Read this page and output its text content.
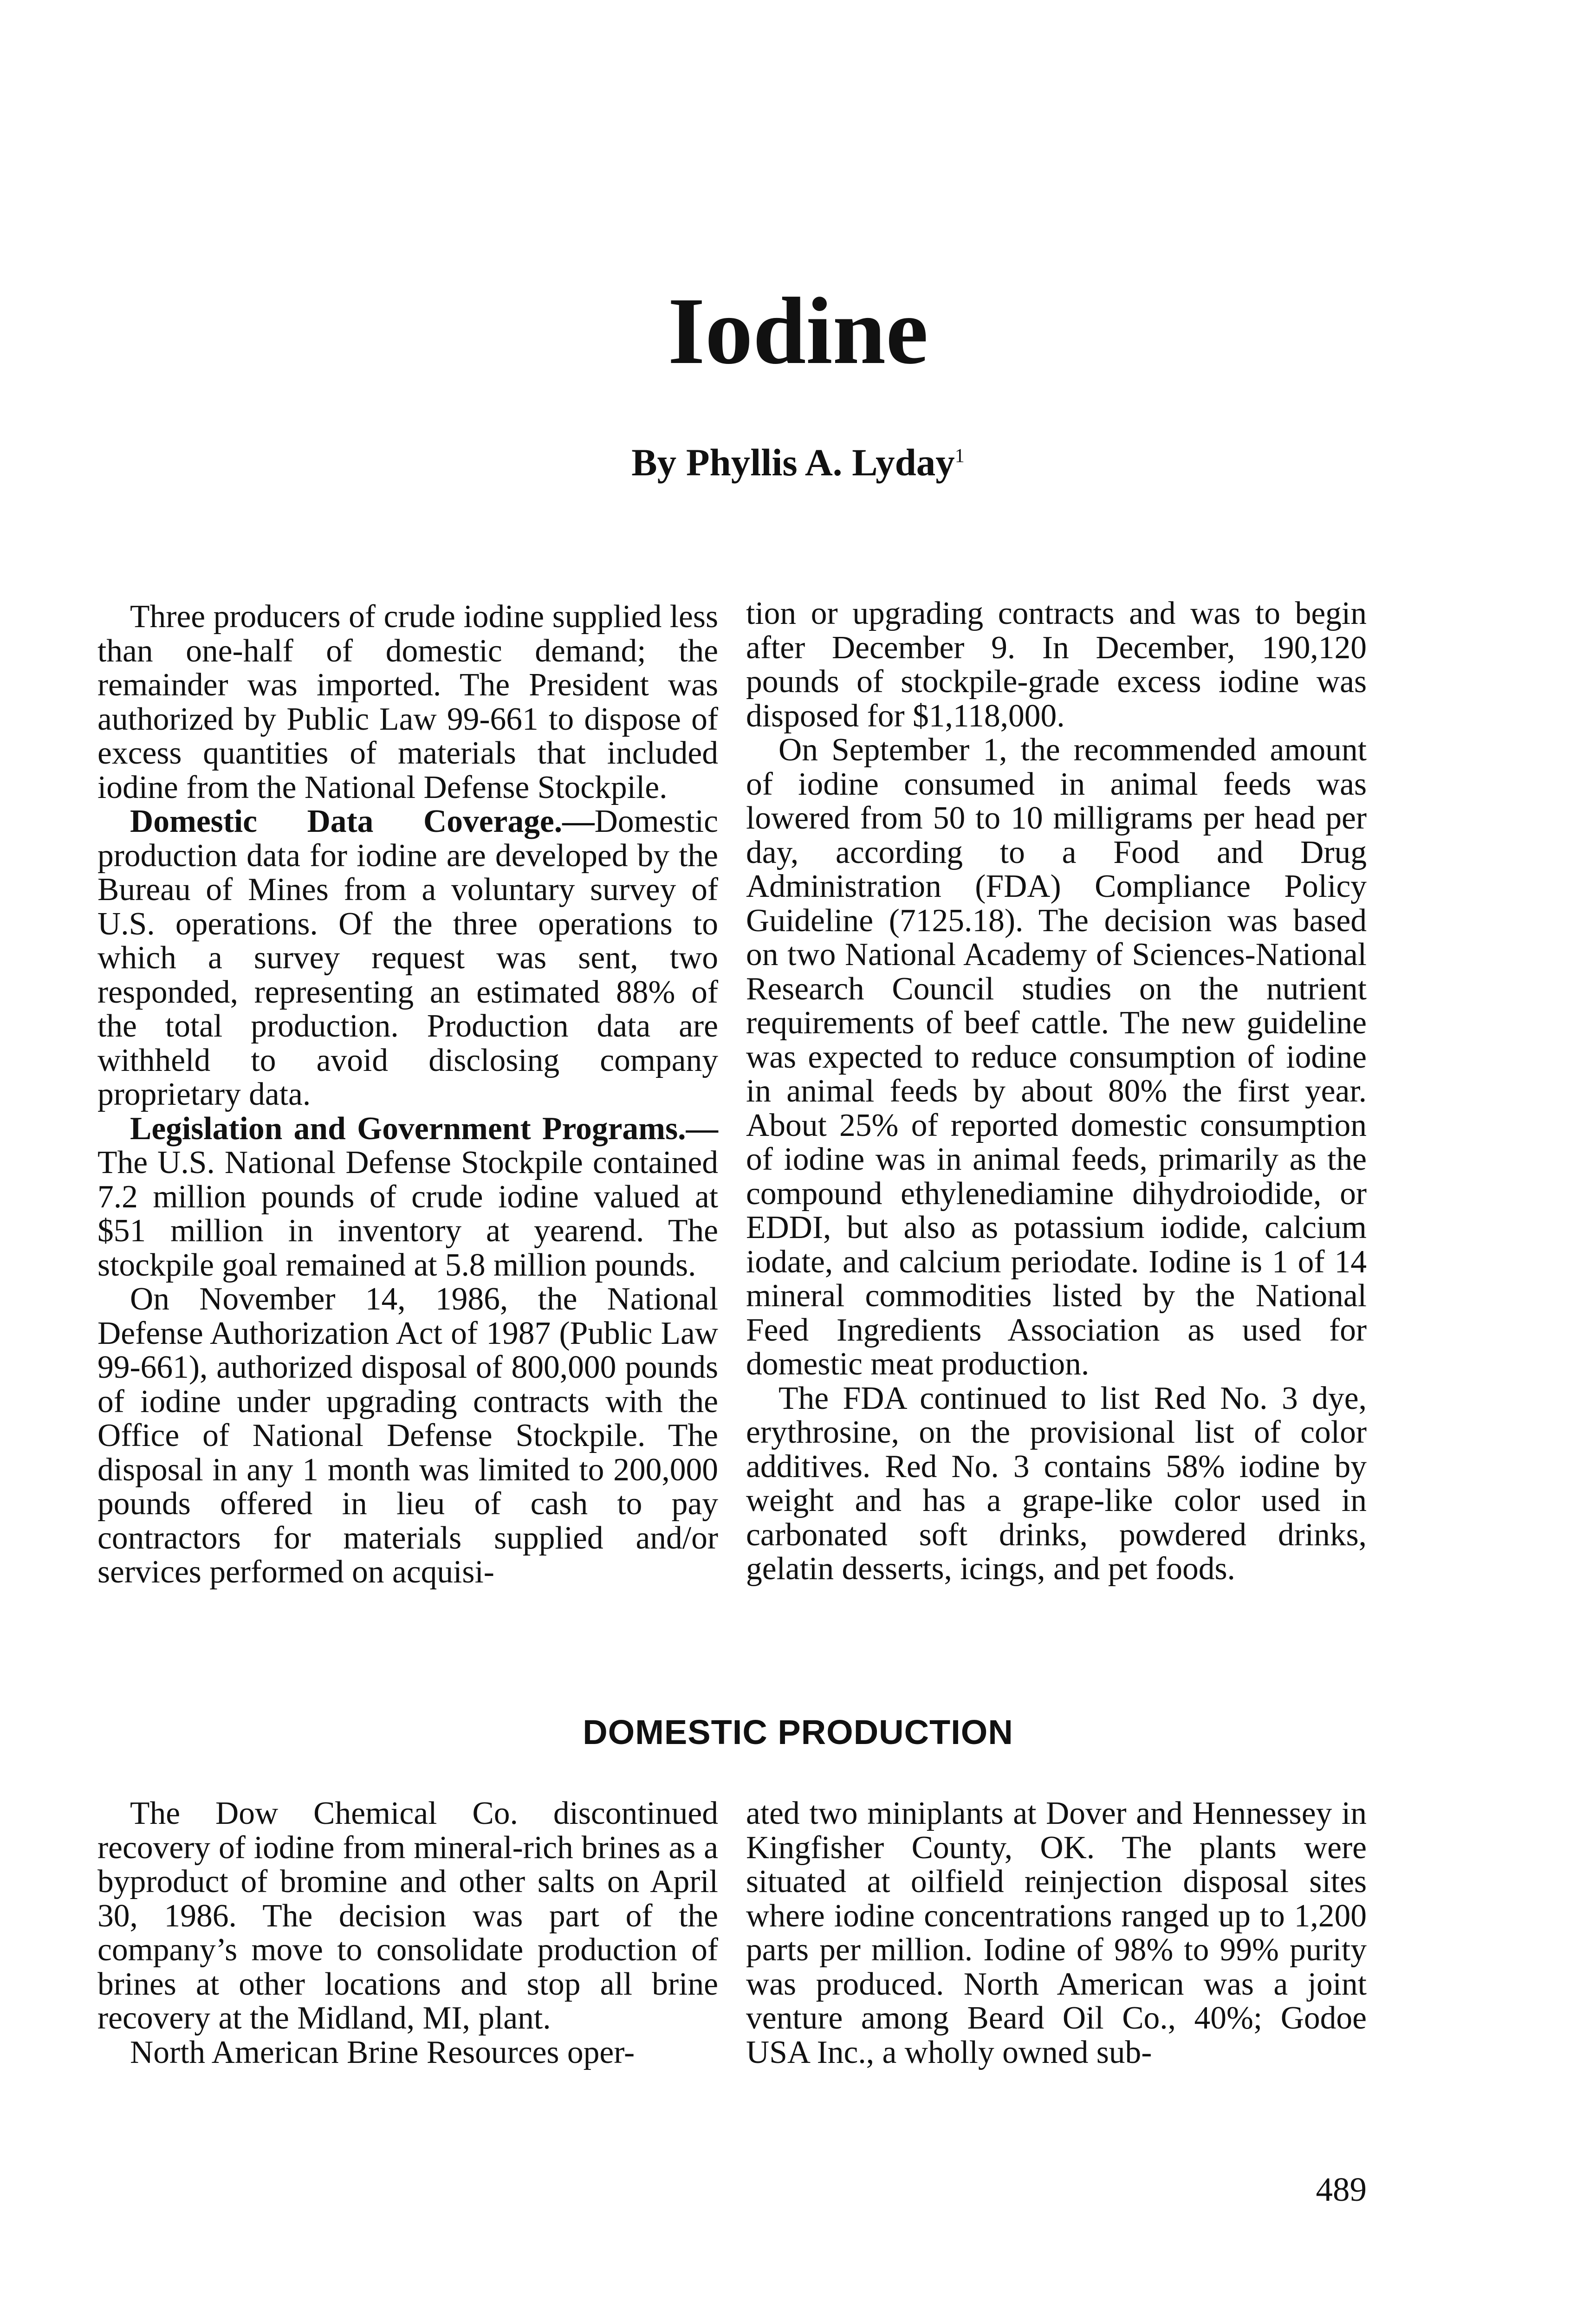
Iodine
By Phyllis A. Lyday$^1$

Three producers of crude iodine supplied less than one-half of domestic demand; the remainder was imported. The President was authorized by Public Law 99-661 to dispose of excess quantities of materials that included iodine from the National Defense Stockpile.

Domestic Data Coverage.—Domestic production data for iodine are developed by the Bureau of Mines from a voluntary survey of U.S. operations. Of the three operations to which a survey request was sent, two responded, representing an estimated 88% of the total production. Production data are withheld to avoid disclosing company proprietary data.

Legislation and Government Programs.—The U.S. National Defense Stockpile contained 7.2 million pounds of crude iodine valued at $51 million in inventory at yearend. The stockpile goal remained at 5.8 million pounds.

On November 14, 1986, the National Defense Authorization Act of 1987 (Public Law 99-661), authorized disposal of 800,000 pounds of iodine under upgrading contracts with the Office of National Defense Stockpile. The disposal in any 1 month was limited to 200,000 pounds offered in lieu of cash to pay contractors for materials supplied and/or services performed on acquisi-

tion or upgrading contracts and was to begin after December 9. In December, 190,120 pounds of stockpile-grade excess iodine was disposed for $1,118,000.

On September 1, the recommended amount of iodine consumed in animal feeds was lowered from 50 to 10 milligrams per head per day, according to a Food and Drug Administration (FDA) Compliance Policy Guideline (7125.18). The decision was based on two National Academy of Sciences-National Research Council studies on the nutrient requirements of beef cattle. The new guideline was expected to reduce consumption of iodine in animal feeds by about 80% the first year. About 25% of reported domestic consumption of iodine was in animal feeds, primarily as the compound ethylenediamine dihydroiodide, or EDDI, but also as potassium iodide, calcium iodate, and calcium periodate. Iodine is 1 of 14 mineral commodities listed by the National Feed Ingredients Association as used for domestic meat production.

The FDA continued to list Red No. 3 dye, erythrosine, on the provisional list of color additives. Red No. 3 contains 58% iodine by weight and has a grape-like color used in carbonated soft drinks, powdered drinks, gelatin desserts, icings, and pet foods.

DOMESTIC PRODUCTION

The Dow Chemical Co. discontinued recovery of iodine from mineral-rich brines as a byproduct of bromine and other salts on April 30, 1986. The decision was part of the company’s move to consolidate production of brines at other locations and stop all brine recovery at the Midland, MI, plant.

North American Brine Resources oper-

ated two miniplants at Dover and Hennessey in Kingfisher County, OK. The plants were situated at oilfield reinjection disposal sites where iodine concentrations ranged up to 1,200 parts per million. Iodine of 98% to 99% purity was produced. North American was a joint venture among Beard Oil Co., 40%; Godoe USA Inc., a wholly owned sub-

489
